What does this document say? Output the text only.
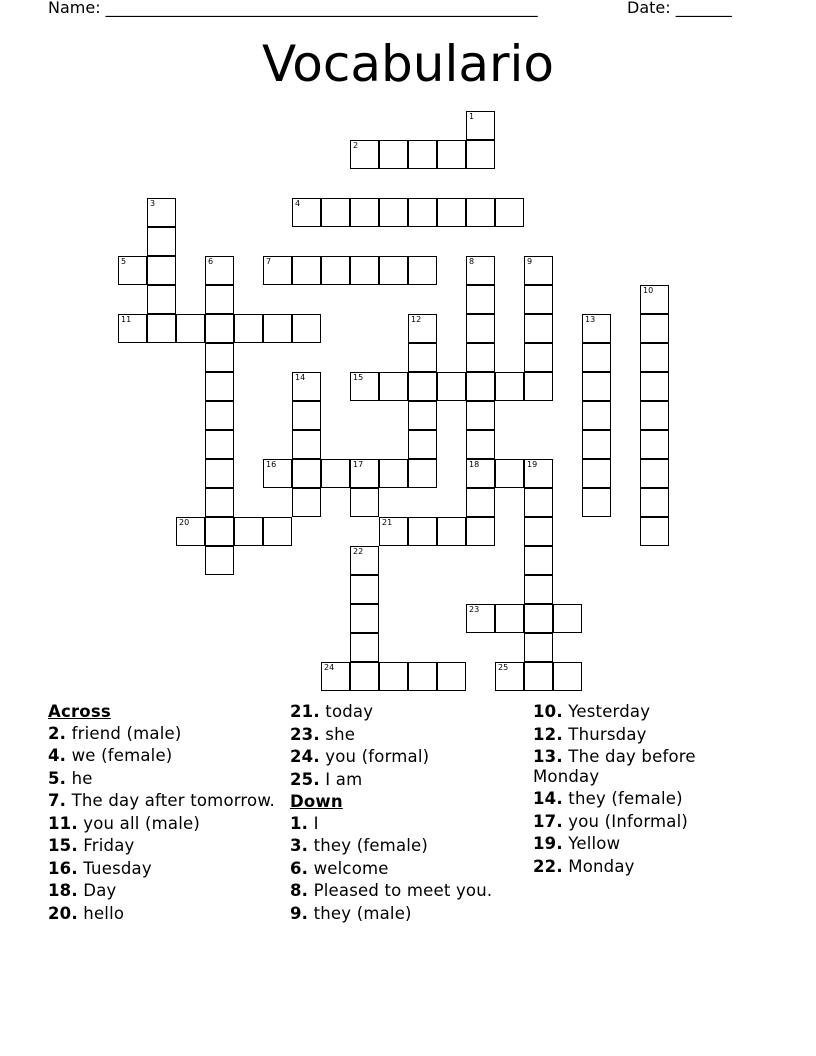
Name: ______________________________________________________	Date: _______
Vocabulario
1
2
3	4
5	6	7	8
18
9
10
11	12	13
14	15
16	17	19
20	21
22
23
24	25
Across
2. friend (male)
4. we (female)
5. he
7. The day after tomorrow.
11. you all (male)
15. Friday
16. Tuesday
18. Day
20. hello
21. today
23. she
24. you (formal)
25. I am
Down
1. I
3. they (female)
6. welcome
8. Pleased to meet you.
9. they (male)
10. Yesterday
12. Thursday
13. The day before Monday
14. they (female)
17. you (Informal)
19. Yellow
22. Monday
